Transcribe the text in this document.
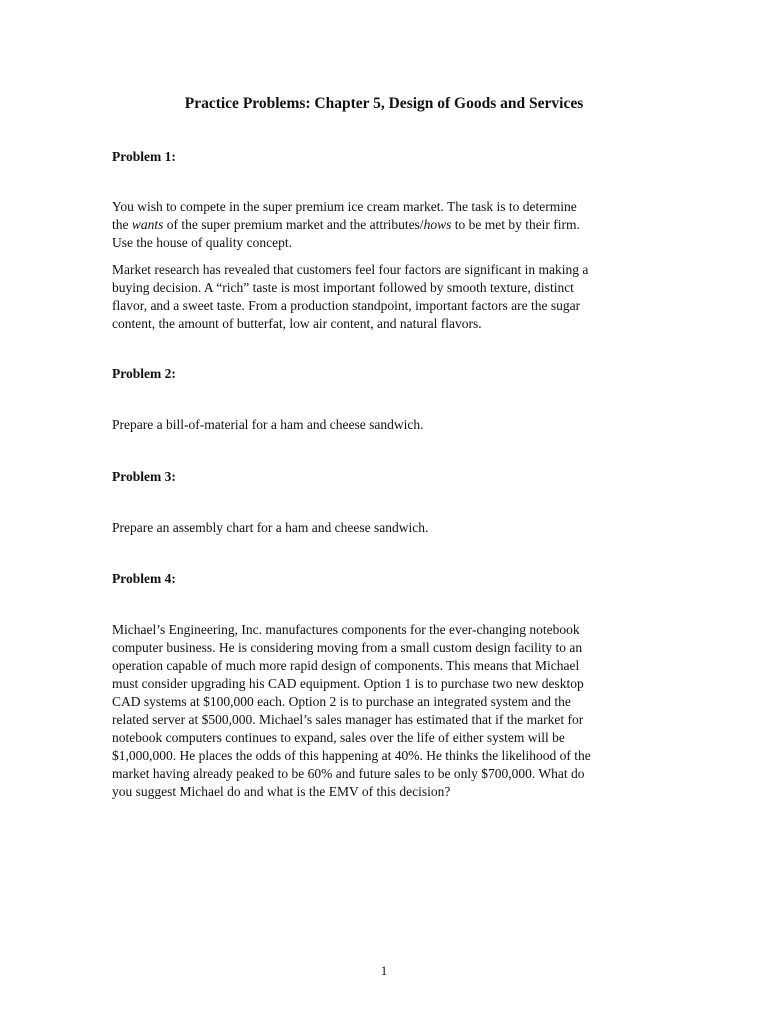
Practice Problems: Chapter 5, Design of Goods and Services
Problem 1:

You wish to compete in the super premium ice cream market. The task is to determine

the wants of the super premium market and the attributes/hows to be met by their firm.

Use the house of quality concept.

Market research has revealed that customers feel four factors are significant in making a

buying decision. A “rich” taste is most important followed by smooth texture, distinct

flavor, and a sweet taste. From a production standpoint, important factors are the sugar

content, the amount of butterfat, low air content, and natural flavors.

Problem 2:

Prepare a bill-of-material for a ham and cheese sandwich.

Problem 3:

Prepare an assembly chart for a ham and cheese sandwich.

Problem 4:

Michael’s Engineering, Inc. manufactures components for the ever-changing notebook

computer business. He is considering moving from a small custom design facility to an

operation capable of much more rapid design of components. This means that Michael

must consider upgrading his CAD equipment. Option 1 is to purchase two new desktop

CAD systems at $100,000 each. Option 2 is to purchase an integrated system and the

related server at $500,000. Michael’s sales manager has estimated that if the market for

notebook computers continues to expand, sales over the life of either system will be

$1,000,000. He places the odds of this happening at 40%. He thinks the likelihood of the

market having already peaked to be 60% and future sales to be only $700,000. What do

you suggest Michael do and what is the EMV of this decision?

1
